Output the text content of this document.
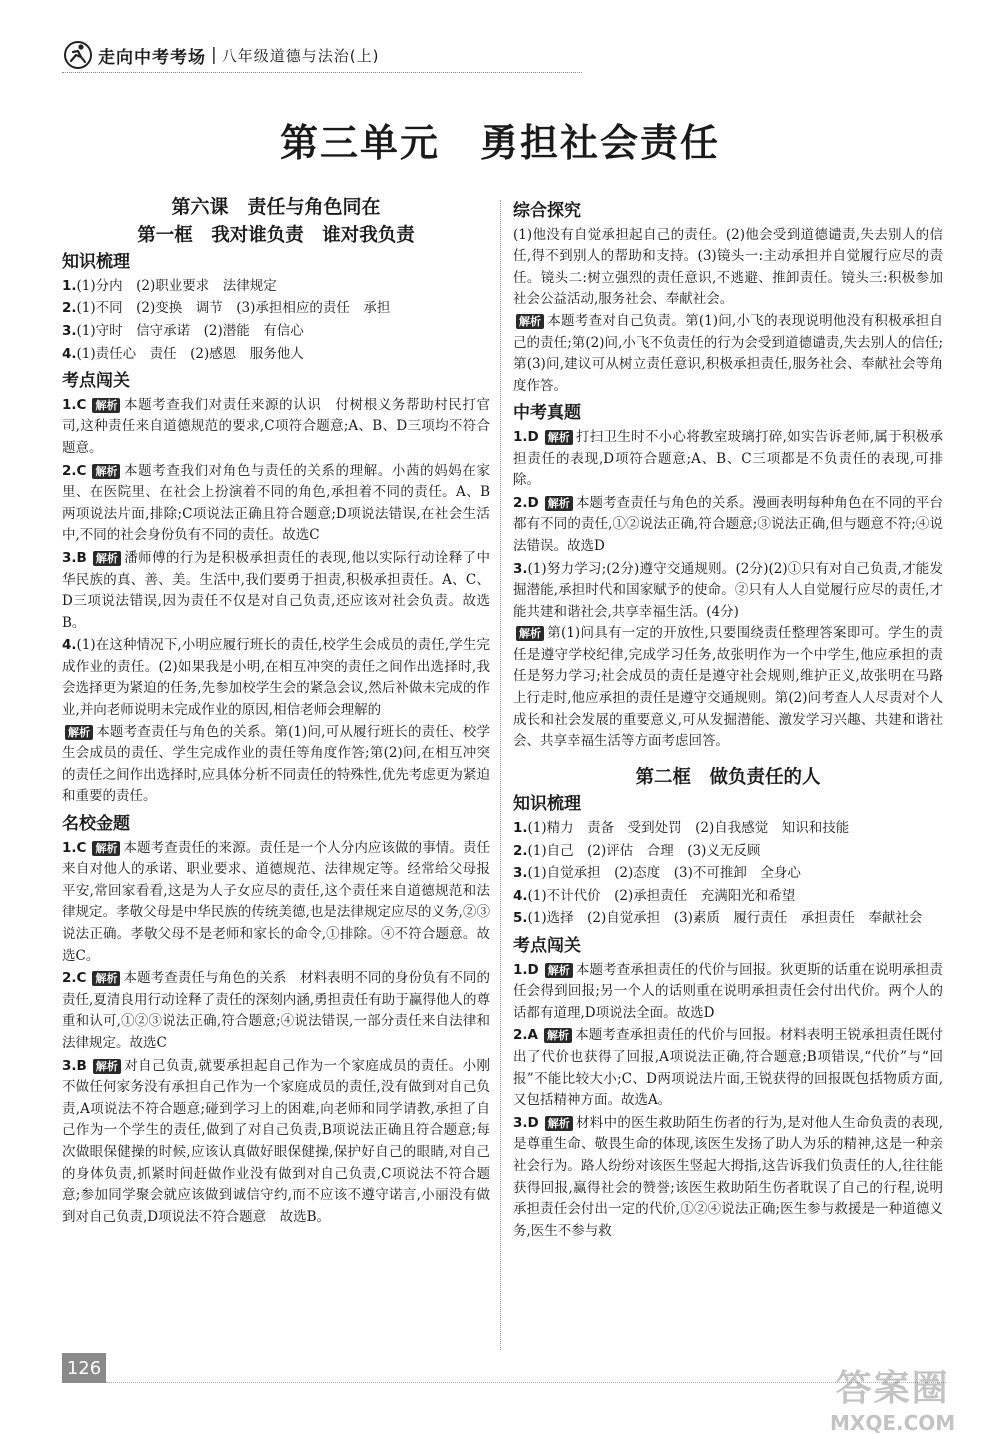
走向中考考场 | 八年级道德与法治(上)
第三单元　勇担社会责任
第六课　责任与角色同在
第一框　我对谁负责　谁对我负责
知识梳理

1.(1)分内　(2)职业要求　法律规定

2.(1)不同　(2)变换　调节　(3)承担相应的责任　承担

3.(1)守时　信守承诺　(2)潜能　有信心

4.(1)责任心　责任　(2)感恩　服务他人

考点闯关

1.C 解析 本题考查我们对责任来源的认识　付树根义务帮助村民打官司,这种责任来自道德规范的要求,C项符合题意;A、B、D三项均不符合题意。

2.C 解析 本题考查我们对角色与责任的关系的理解。小茜的妈妈在家里、在医院里、在社会上扮演着不同的角色,承担着不同的责任。A、B两项说法片面,排除;C项说法正确且符合题意;D项说法错误,在社会生活中,不同的社会身份负有不同的责任。故选C

3.B 解析 潘师傅的行为是积极承担责任的表现,他以实际行动诠释了中华民族的真、善、美。生活中,我们要勇于担责,积极承担责任。A、C、D三项说法错误,因为责任不仅是对自己负责,还应该对社会负责。故选B。

4.(1)在这种情况下,小明应履行班长的责任,校学生会成员的责任,学生完成作业的责任。(2)如果我是小明,在相互冲突的责任之间作出选择时,我会选择更为紧迫的任务,先参加校学生会的紧急会议,然后补做未完成的作业,并向老师说明未完成作业的原因,相信老师会理解的

解析 本题考查责任与角色的关系。第(1)问,可从履行班长的责任、校学生会成员的责任、学生完成作业的责任等角度作答;第(2)问,在相互冲突的责任之间作出选择时,应具体分析不同责任的特殊性,优先考虑更为紧迫和重要的责任。

名校金题

1.C 解析 本题考查责任的来源。责任是一个人分内应该做的事情。责任来自对他人的承诺、职业要求、道德规范、法律规定等。经常给父母报平安,常回家看看,这是为人子女应尽的责任,这个责任来自道德规范和法律规定。孝敬父母是中华民族的传统美德,也是法律规定应尽的义务,②③说法正确。孝敬父母不是老师和家长的命令,①排除。④不符合题意。故选C。

2.C 解析 本题考查责任与角色的关系　材料表明不同的身份负有不同的责任,夏清良用行动诠释了责任的深刻内涵,勇担责任有助于赢得他人的尊重和认可,①②③说法正确,符合题意;④说法错误,一部分责任来自法律和法律规定。故选C

3.B 解析 对自己负责,就要承担起自己作为一个家庭成员的责任。小刚不做任何家务没有承担自己作为一个家庭成员的责任,没有做到对自己负责,A项说法不符合题意;碰到学习上的困难,向老师和同学请教,承担了自己作为一个学生的责任,做到了对自己负责,B项说法正确且符合题意;每次做眼保健操的时候,应该认真做好眼保健操,保护好自己的眼睛,对自己的身体负责,抓紧时间赶做作业没有做到对自己负责,C项说法不符合题意;参加同学聚会就应该做到诚信守约,而不应该不遵守诺言,小丽没有做到对自己负责,D项说法不符合题意　故选B。

综合探究

(1)他没有自觉承担起自己的责任。(2)他会受到道德谴责,失去别人的信任,得不到别人的帮助和支持。(3)镜头一:主动承担并自觉履行应尽的责任。镜头二:树立强烈的责任意识,不逃避、推卸责任。镜头三:积极参加社会公益活动,服务社会、奉献社会。

解析 本题考查对自己负责。第(1)问,小飞的表现说明他没有积极承担自己的责任;第(2)问,小飞不负责任的行为会受到道德谴责,失去别人的信任;第(3)问,建议可从树立责任意识,积极承担责任,服务社会、奉献社会等角度作答。

中考真题

1.D 解析 打扫卫生时不小心将教室玻璃打碎,如实告诉老师,属于积极承担责任的表现,D项符合题意;A、B、C三项都是不负责任的表现,可排除。

2.D 解析 本题考查责任与角色的关系。漫画表明每种角色在不同的平台都有不同的责任,①②说法正确,符合题意;③说法正确,但与题意不符;④说法错误。故选D

3.(1)努力学习;(2分)遵守交通规则。(2分)(2)①只有对自己负责,才能发掘潜能,承担时代和国家赋予的使命。②只有人人自觉履行应尽的责任,才能共建和谐社会,共享幸福生活。(4分)

解析 第(1)问具有一定的开放性,只要围绕责任整理答案即可。学生的责任是遵守学校纪律,完成学习任务,故张明作为一个中学生,他应承担的责任是努力学习;社会成员的责任是遵守社会规则,维护正义,故张明在马路上行走时,他应承担的责任是遵守交通规则。第(2)问考查人人尽责对个人成长和社会发展的重要意义,可从发掘潜能、激发学习兴趣、共建和谐社会、共享幸福生活等方面考虑回答。

第二框　做负责任的人
知识梳理

1.(1)精力　责备　受到处罚　(2)自我感觉　知识和技能

2.(1)自己　(2)评估　合理　(3)义无反顾

3.(1)自觉承担　(2)态度　(3)不可推卸　全身心

4.(1)不计代价　(2)承担责任　充满阳光和希望

5.(1)选择　(2)自觉承担　(3)素质　履行责任　承担责任　奉献社会

考点闯关

1.D 解析 本题考查承担责任的代价与回报。狄更斯的话重在说明承担责任会得到回报;另一个人的话则重在说明承担责任会付出代价。两个人的话都有道理,D项说法全面。故选D

2.A 解析 本题考查承担责任的代价与回报。材料表明王锐承担责任既付出了代价也获得了回报,A项说法正确,符合题意;B项错误,“代价”与“回报”不能比较大小;C、D两项说法片面,王锐获得的回报既包括物质方面,又包括精神方面。故选A。

3.D 解析 材料中的医生救助陌生伤者的行为,是对他人生命负责的表现,是尊重生命、敬畏生命的体现,该医生发扬了助人为乐的精神,这是一种亲社会行为。路人纷纷对该医生竖起大拇指,这告诉我们负责任的人,往往能获得回报,赢得社会的赞誉;该医生救助陌生伤者耽误了自己的行程,说明承担责任会付出一定的代价,①②④说法正确;医生参与救援是一种道德义务,医生不参与救

126	答案圈
MXQE.COM
